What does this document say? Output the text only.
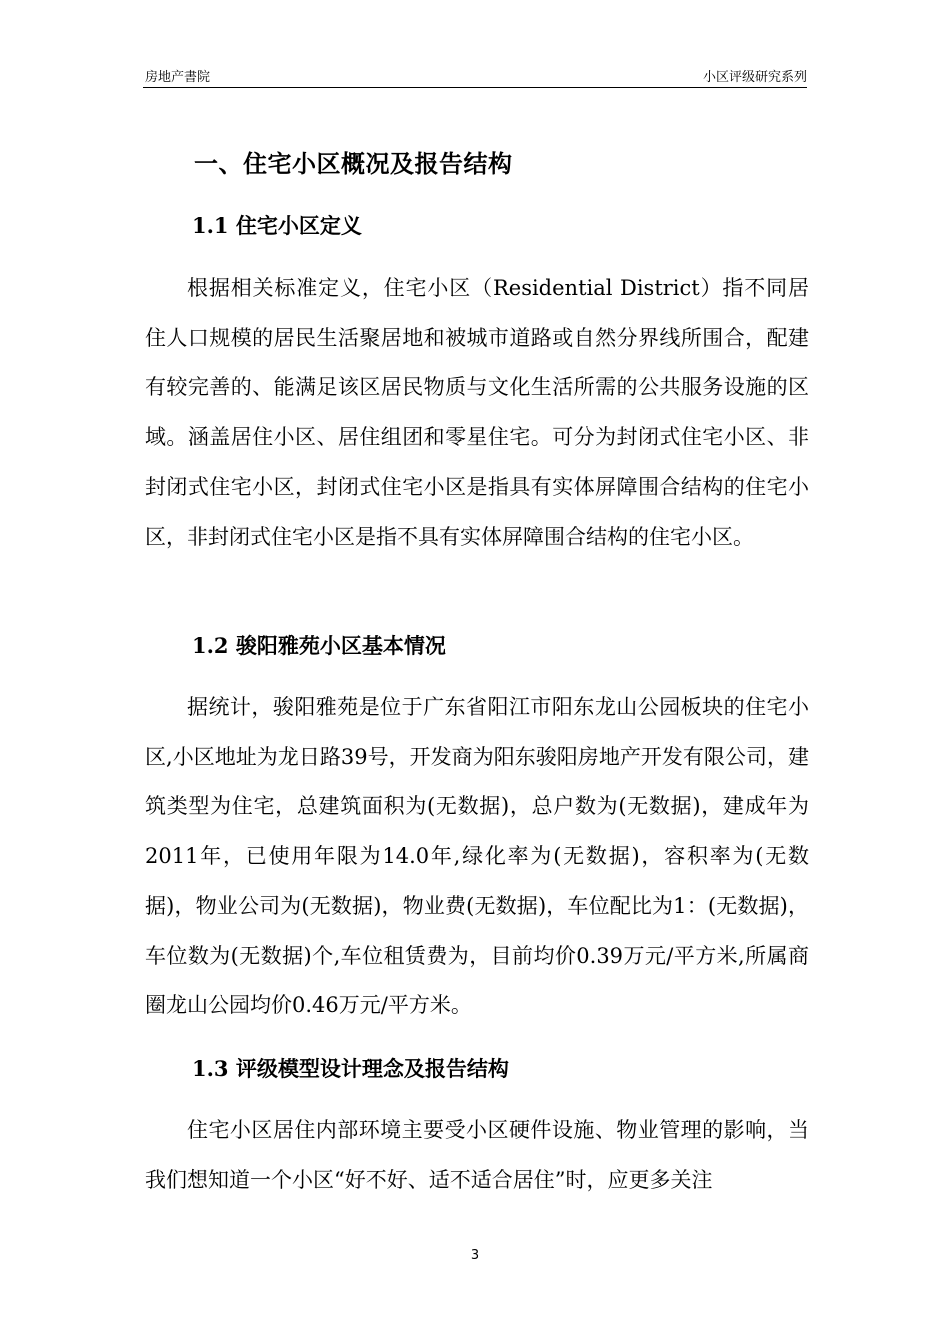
房地产書院	小区评级研究系列
一、住宅小区概况及报告结构
1.1 住宅小区定义

根据相关标准定义，住宅小区（Residential District）指不同居住人口规模的居民生活聚居地和被城市道路或自然分界线所围合，配建有较完善的、能满足该区居民物质与文化生活所需的公共服务设施的区域。涵盖居住小区、居住组团和零星住宅。可分为封闭式住宅小区、非封闭式住宅小区，封闭式住宅小区是指具有实体屏障围合结构的住宅小区，非封闭式住宅小区是指不具有实体屏障围合结构的住宅小区。

1.2 骏阳雅苑小区基本情况

据统计，骏阳雅苑是位于广东省阳江市阳东龙山公园板块的住宅小区,小区地址为龙日路39号，开发商为阳东骏阳房地产开发有限公司，建筑类型为住宅，总建筑面积为(无数据)，总户数为(无数据)，建成年为2011年，已使用年限为14.0年,绿化率为(无数据)，容积率为(无数据)，物业公司为(无数据)，物业费(无数据)，车位配比为1：(无数据)，车位数为(无数据)个,车位租赁费为，目前均价0.39万元/平方米,所属商圈龙山公园均价0.46万元/平方米。

1.3 评级模型设计理念及报告结构

住宅小区居住内部环境主要受小区硬件设施、物业管理的影响，当我们想知道一个小区“好不好、适不适合居住”时，应更多关注

3
